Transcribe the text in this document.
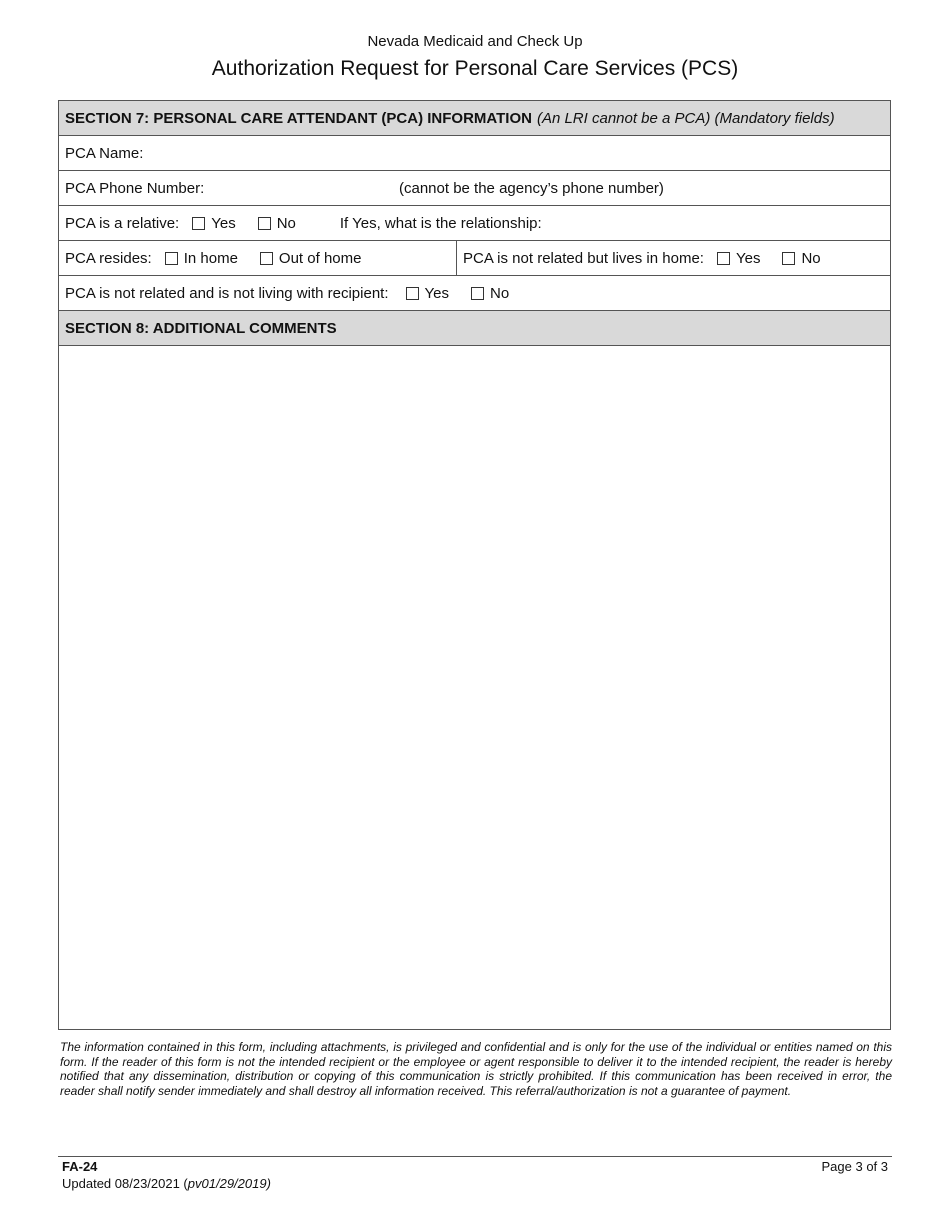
Nevada Medicaid and Check Up
Authorization Request for Personal Care Services (PCS)
SECTION 7: PERSONAL CARE ATTENDANT (PCA) INFORMATION (An LRI cannot be a PCA) (Mandatory fields)
PCA Name:
PCA Phone Number:	(cannot be the agency’s phone number)
PCA is a relative: Yes	No	If Yes, what is the relationship:
PCA resides: In home	Out of home	PCA is not related but lives in home: Yes	No
PCA is not related and is not living with recipient: Yes	No
SECTION 8: ADDITIONAL COMMENTS
The information contained in this form, including attachments, is privileged and confidential and is only for the use of the individual or entities named on this form. If the reader of this form is not the intended recipient or the employee or agent responsible to deliver it to the intended recipient, the reader is hereby notified that any dissemination, distribution or copying of this communication is strictly prohibited. If this communication has been received in error, the reader shall notify sender immediately and shall destroy all information received. This referral/authorization is not a guarantee of payment.
FA-24
Updated 08/23/2021 (pv01/29/2019)
Page 3 of 3
